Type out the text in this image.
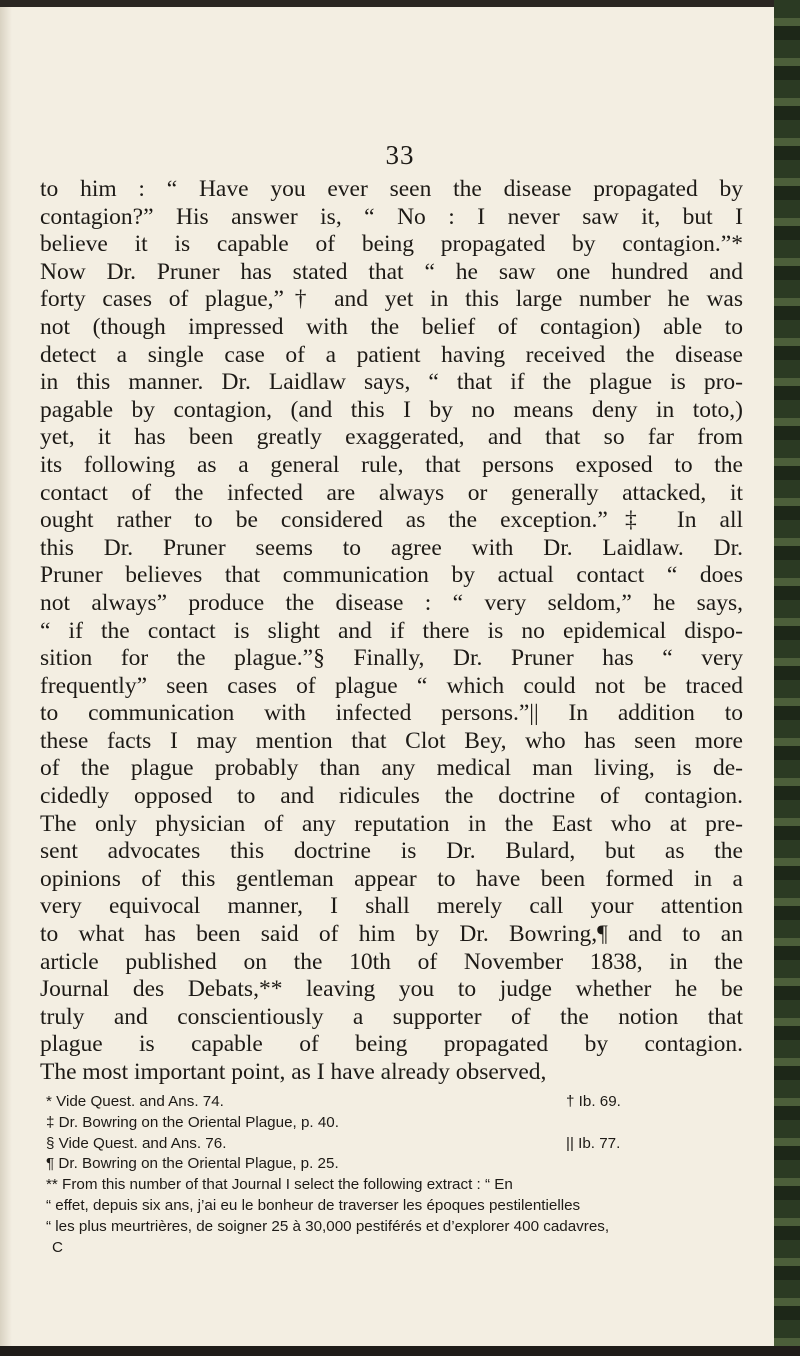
33
to him : “ Have you ever seen the disease propagated by
contagion?” His answer is, “ No : I never saw it, but I
believe it is capable of being propagated by contagion.”*
Now Dr. Pruner has stated that “ he saw one hundred and
forty cases of plague,”† and yet in this large number he was
not (though impressed with the belief of contagion) able to
detect a single case of a patient having received the disease
in this manner. Dr. Laidlaw says, “ that if the plague is pro-
pagable by contagion, (and this I by no means deny in toto,)
yet, it has been greatly exaggerated, and that so far from
its following as a general rule, that persons exposed to the
contact of the infected are always or generally attacked, it
ought rather to be considered as the exception.”‡ In all
this Dr. Pruner seems to agree with Dr. Laidlaw. Dr.
Pruner believes that communication by actual contact “ does
not always” produce the disease : “ very seldom,” he says,
“ if the contact is slight and if there is no epidemical dispo-
sition for the plague.”§ Finally, Dr. Pruner has “ very
frequently” seen cases of plague “ which could not be traced
to communication with infected persons.”|| In addition to
these facts I may mention that Clot Bey, who has seen more
of the plague probably than any medical man living, is de-
cidedly opposed to and ridicules the doctrine of contagion.
The only physician of any reputation in the East who at pre-
sent advocates this doctrine is Dr. Bulard, but as the
opinions of this gentleman appear to have been formed in a
very equivocal manner, I shall merely call your attention
to what has been said of him by Dr. Bowring,¶ and to an
article published on the 10th of November 1838, in the
Journal des Debats,** leaving you to judge whether he be
truly and conscientiously a supporter of the notion that
plague is capable of being propagated by contagion.
The most important point, as I have already observed,
* Vide Quest. and Ans. 74.	† Ib. 69.
‡ Dr. Bowring on the Oriental Plague, p. 40.
§ Vide Quest. and Ans. 76.	|| Ib. 77.
¶ Dr. Bowring on the Oriental Plague, p. 25.
** From this number of that Journal I select the following extract : “ En
“ effet, depuis six ans, j’ai eu le bonheur de traverser les époques pestilentielles
“ les plus meurtrières, de soigner 25 à 30,000 pestiférés et d’explorer 400 cadavres,
C
